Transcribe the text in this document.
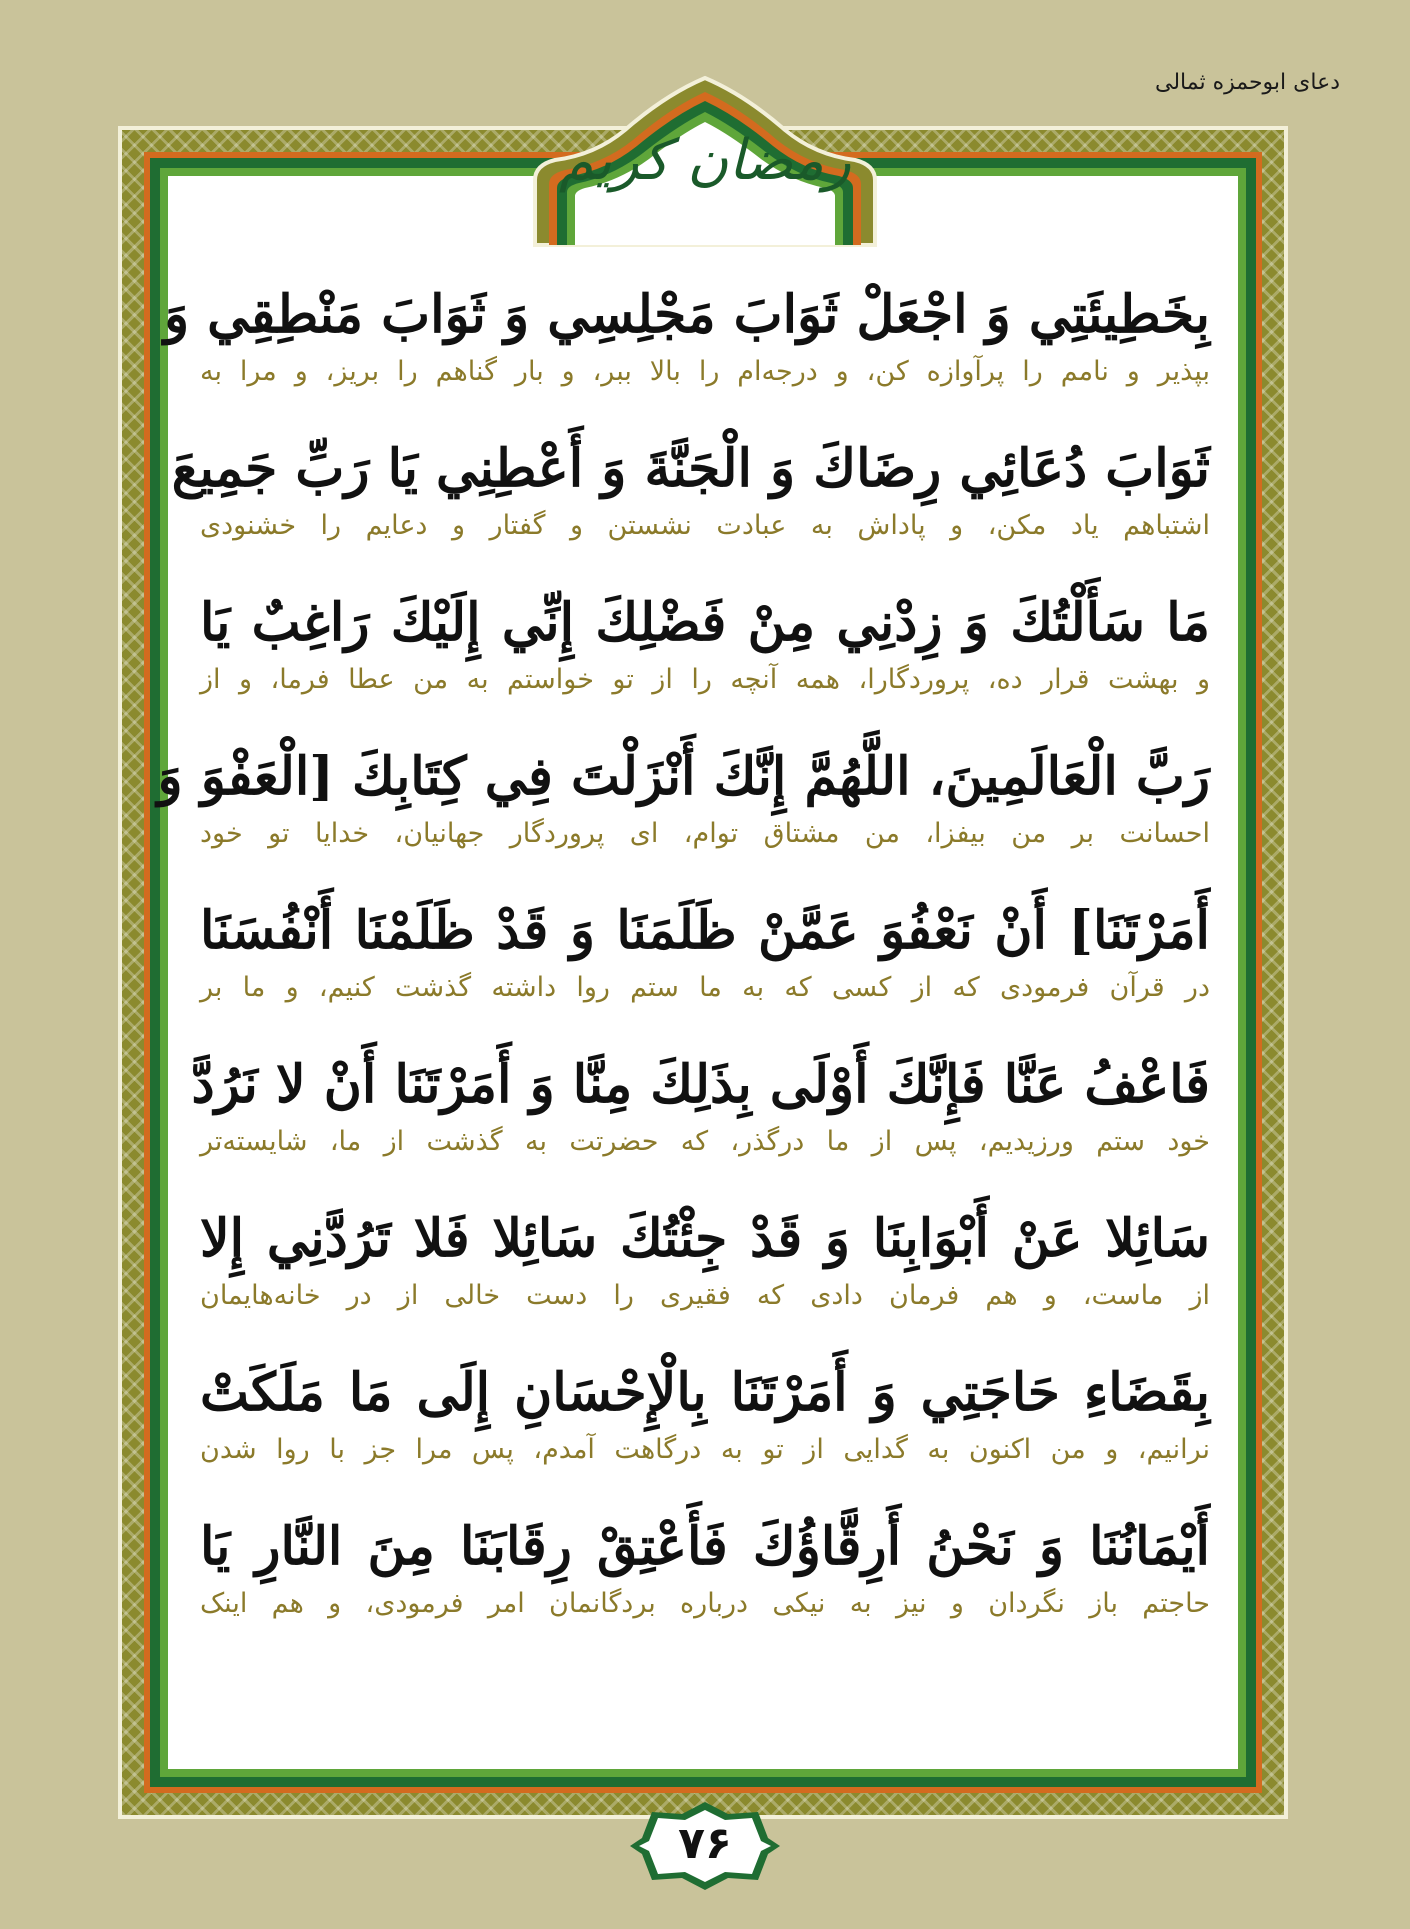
دعای ابوحمزه ثمالی
رمضان کریم
بِخَطِيئَتِي وَ اجْعَلْ ثَوَابَ مَجْلِسِي وَ ثَوَابَ مَنْطِقِي وَ
بپذیر و نامم را پرآوازه کن، و درجه‌ام را بالا ببر، و بار گناهم را بریز، و مرا به
ثَوَابَ دُعَائِي رِضَاكَ وَ الْجَنَّةَ وَ أَعْطِنِي يَا رَبِّ جَمِيعَ
اشتباهم یاد مکن، و پاداش به عبادت نشستن و گفتار و دعایم را خشنودی
مَا سَأَلْتُكَ وَ زِدْنِي مِنْ فَضْلِكَ إِنِّي إِلَيْكَ رَاغِبٌ يَا
و بهشت قرار ده، پروردگارا، همه آنچه را از تو خواستم به من عطا فرما، و از
رَبَّ الْعَالَمِينَ، اللَّهُمَّ إِنَّكَ أَنْزَلْتَ فِي كِتَابِكَ [الْعَفْوَ وَ
احسانت بر من بیفزا، من مشتاق توام، ای پروردگار جهانیان، خدایا تو خود
أَمَرْتَنَا] أَنْ نَعْفُوَ عَمَّنْ ظَلَمَنَا وَ قَدْ ظَلَمْنَا أَنْفُسَنَا
در قرآن فرمودی که از کسی که به ما ستم روا داشته گذشت کنیم، و ما بر
فَاعْفُ عَنَّا فَإِنَّكَ أَوْلَى بِذَلِكَ مِنَّا وَ أَمَرْتَنَا أَنْ لا نَرُدَّ
خود ستم ورزیدیم، پس از ما درگذر، که حضرتت به گذشت از ما، شایسته‌تر
سَائِلا عَنْ أَبْوَابِنَا وَ قَدْ جِئْتُكَ سَائِلا فَلا تَرُدَّنِي إِلا
از ماست، و هم فرمان دادی که فقیری را دست خالی از در خانه‌هایمان
بِقَضَاءِ حَاجَتِي وَ أَمَرْتَنَا بِالْإِحْسَانِ إِلَى مَا مَلَكَتْ
نرانیم، و من اکنون به گدایی از تو به درگاهت آمدم، پس مرا جز با روا شدن
أَيْمَانُنَا وَ نَحْنُ أَرِقَّاؤُكَ فَأَعْتِقْ رِقَابَنَا مِنَ النَّارِ يَا
حاجتم باز نگردان و نیز به نیکی درباره بردگانمان امر فرمودی، و هم اینک
۷۶
